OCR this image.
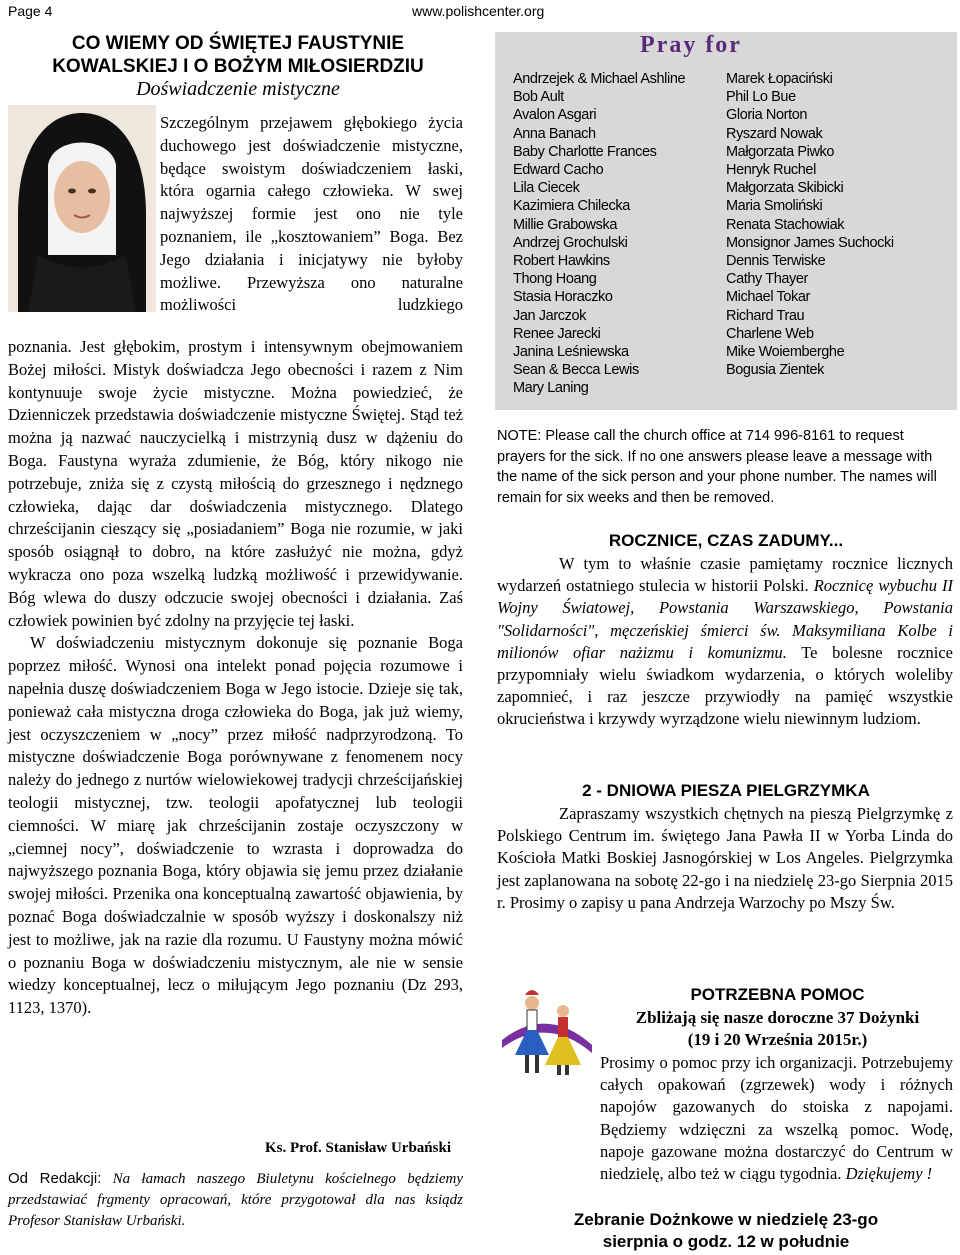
Page 4	www.polishcenter.org
CO WIEMY OD ŚWIĘTEJ FAUSTYNIE
KOWALSKIEJ I O BOŻYM MIŁOSIERDZIU
Doświadczenie mistyczne
Szczególnym przejawem głębokiego życia duchowego jest doświadczenie mistyczne, będące swoistym doświadczeniem łaski, która ogarnia całego człowieka. W swej najwyższej formie jest ono nie tyle poznaniem, ile „kosztowaniem” Boga. Bez Jego działania i inicjatywy nie byłoby możliwe. Przewyższa ono naturalne możliwości ludzkiego

poznania. Jest głębokim, prostym i intensywnym obejmowaniem Bożej miłości. Mistyk doświadcza Jego obecności i razem z Nim kontynuuje swoje życie mistyczne. Można powiedzieć, że Dzienniczek przedstawia doświadczenie mistyczne Świętej. Stąd też można ją nazwać nauczycielką i mistrzynią dusz w dążeniu do Boga. Faustyna wyraża zdumienie, że Bóg, który nikogo nie potrzebuje, zniża się z czystą miłością do grzesznego i nędznego człowieka, dając dar doświadczenia mistycznego. Dlatego chrześcijanin cieszący się „posiadaniem” Boga nie rozumie, w jaki sposób osiągnął to dobro, na które zasłużyć nie można, gdyż wykracza ono poza wszelką ludzką możliwość i przewidywanie. Bóg wlewa do duszy odczucie swojej obecności i działania. Zaś człowiek powinien być zdolny na przyjęcie tej łaski.

W doświadczeniu mistycznym dokonuje się poznanie Boga poprzez miłość. Wynosi ona intelekt ponad pojęcia rozumowe i napełnia duszę doświadczeniem Boga w Jego istocie. Dzieje się tak, ponieważ cała mistyczna droga człowieka do Boga, jak już wiemy, jest oczyszczeniem w „nocy” przez miłość nadprzyrodzoną. To mistyczne doświadczenie Boga porównywane z fenomenem nocy należy do jednego z nurtów wielowiekowej tradycji chrześcijańskiej teologii mistycznej, tzw. teologii apofatycznej lub teologii ciemności. W miarę jak chrześcijanin zostaje oczyszczony w „ciemnej nocy”, doświadczenie to wzrasta i doprowadza do najwyższego poznania Boga, który objawia się jemu przez działanie swojej miłości. Przenika ona konceptualną zawartość objawienia, by poznać Boga doświadczalnie w sposób wyższy i doskonalszy niż jest to możliwe, jak na razie dla rozumu. U Faustyny można mówić o poznaniu Boga w doświadczeniu mistycznym, ale nie w sensie wiedzy konceptualnej, lecz o miłującym Jego poznaniu (Dz 293, 1123, 1370).

Ks. Prof. Stanisław Urbański
Od Redakcji: Na łamach naszego Biuletynu kościelnego będziemy przedstawiać frgmenty opracowań, które przygotował dla nas ksiądz Profesor Stanisław Urbański.
Pray for
Andrzejek & Michael Ashline
Bob Ault
Avalon Asgari
Anna Banach
Baby Charlotte Frances
Edward Cacho
Lila Ciecek
Kazimiera Chilecka
Millie Grabowska
Andrzej Grochulski
Robert Hawkins
Thong Hoang
Stasia Horaczko
Jan Jarczok
Renee Jarecki
Janina Leśniewska
Sean & Becca Lewis
Mary Laning
Marek Łopaciński
Phil Lo Bue
Gloria Norton
Ryszard Nowak
Małgorzata Piwko
Henryk Ruchel
Małgorzata Skibicki
Maria Smoliński
Renata Stachowiak
Monsignor James Suchocki
Dennis Terwiske
Cathy Thayer
Michael Tokar
Richard Trau
Charlene Web
Mike Woiemberghe
Bogusia Zientek
NOTE: Please call the church office at 714 996-8161 to request prayers for the sick. If no one answers please leave a message with the name of the sick person and your phone number. The names will remain for six weeks and then be removed.
ROCZNICE, CZAS ZADUMY...
W tym to właśnie czasie pamiętamy rocznice licznych wydarzeń ostatniego stulecia w historii Polski. Rocznicę wybuchu II Wojny Światowej, Powstania Warszawskiego, Powstania "Solidarności", męczeńskiej śmierci św. Maksymiliana Kolbe i milionów ofiar nażizmu i komunizmu. Te bolesne rocznice przypomniały wielu świadkom wydarzenia, o których woleliby zapomnieć, i raz jeszcze przywiodły na pamięć wszystkie okrucieństwa i krzywdy wyrządzone wielu niewinnym ludziom.
2 - DNIOWA PIESZA PIELGRZYMKA
Zapraszamy wszystkich chętnych na pieszą Pielgrzymkę z Polskiego Centrum im. świętego Jana Pawła II w Yorba Linda do Kościoła Matki Boskiej Jasnogórskiej w Los Angeles. Pielgrzymka jest zaplanowana na sobotę 22-go i na niedzielę 23-go Sierpnia 2015 r. Prosimy o zapisy u pana Andrzeja Warzochy po Mszy Św.
POTRZEBNA POMOC
Zbliżają się nasze doroczne 37 Dożynki
(19 i 20 Września 2015r.)
Prosimy o pomoc przy ich organizacji. Potrzebujemy całych opakowań (zgrzewek) wody i różnych napojów gazowanych do stoiska z napojami. Będziemy wdzięczni za wszelką pomoc. Wodę, napoje gazowane można dostarczyć do Centrum w niedzielę, albo też w ciągu tygodnia. Dziękujemy !
Zebranie Dożnkowe w niedzielę 23-go
sierpnia o godz. 12 w południe
